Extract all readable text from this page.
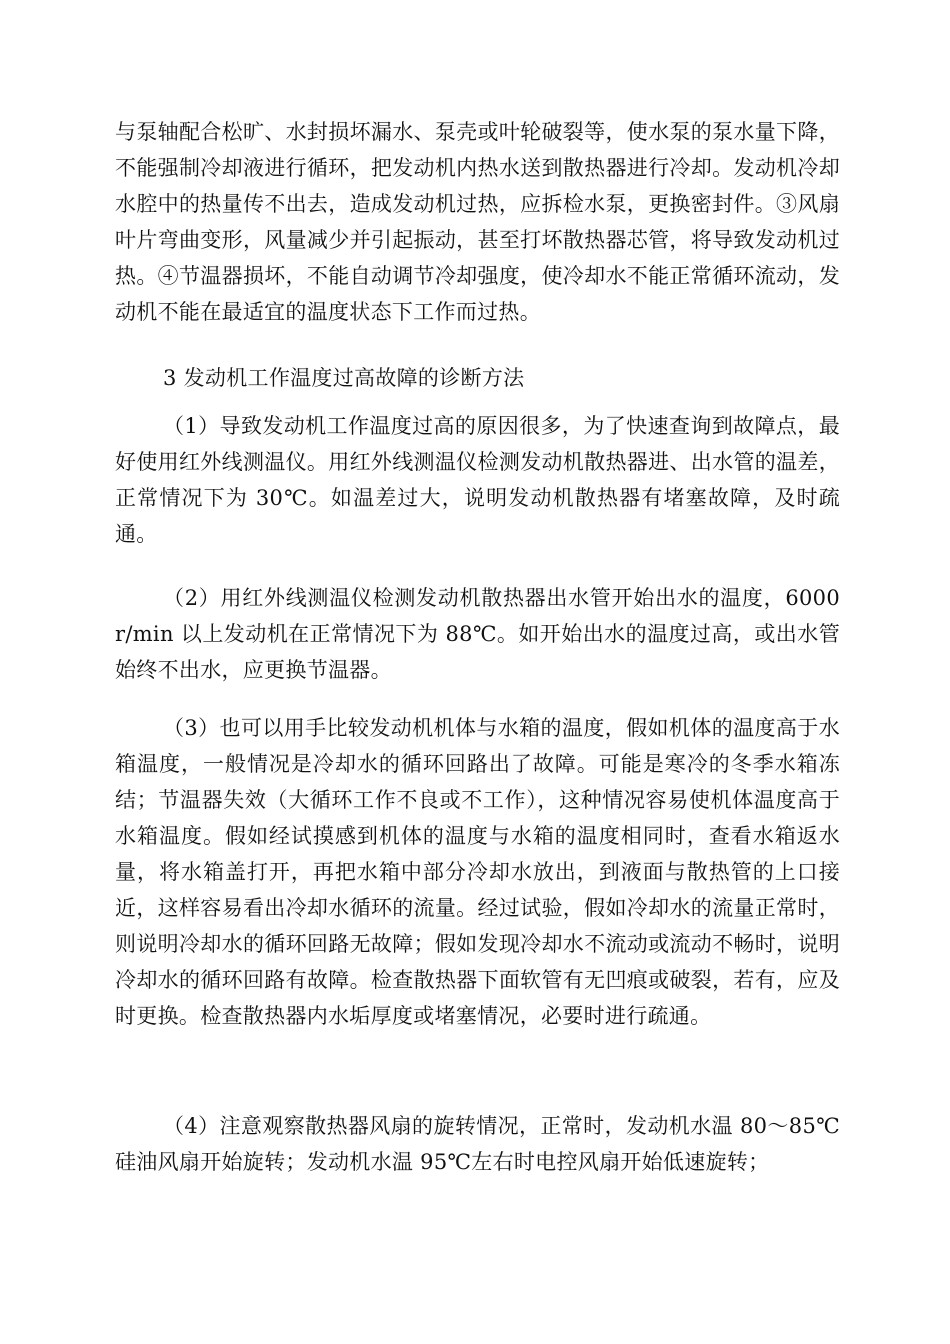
与泵轴配合松旷、水封损坏漏水、泵壳或叶轮破裂等，使水泵的泵水量下降，不能强制冷却液进行循环，把发动机内热水送到散热器进行冷却。发动机冷却水腔中的热量传不出去，造成发动机过热，应拆检水泵，更换密封件。③风扇叶片弯曲变形，风量减少并引起振动，甚至打坏散热器芯管，将导致发动机过热。④节温器损坏，不能自动调节冷却强度，使冷却水不能正常循环流动，发动机不能在最适宜的温度状态下工作而过热。

3 发动机工作温度过高故障的诊断方法

（1）导致发动机工作温度过高的原因很多，为了快速查询到故障点，最好使用红外线测温仪。用红外线测温仪检测发动机散热器进、出水管的温差，正常情况下为 30℃。如温差过大，说明发动机散热器有堵塞故障，及时疏通。

（2）用红外线测温仪检测发动机散热器出水管开始出水的温度，6000r/min 以上发动机在正常情况下为 88℃。如开始出水的温度过高，或出水管始终不出水，应更换节温器。

（3）也可以用手比较发动机机体与水箱的温度，假如机体的温度高于水箱温度，一般情况是冷却水的循环回路出了故障。可能是寒冷的冬季水箱冻结；节温器失效（大循环工作不良或不工作），这种情况容易使机体温度高于水箱温度。假如经试摸感到机体的温度与水箱的温度相同时，查看水箱返水量，将水箱盖打开，再把水箱中部分冷却水放出，到液面与散热管的上口接近，这样容易看出冷却水循环的流量。经过试验，假如冷却水的流量正常时，则说明冷却水的循环回路无故障；假如发现冷却水不流动或流动不畅时，说明冷却水的循环回路有故障。检查散热器下面软管有无凹痕或破裂，若有，应及时更换。检查散热器内水垢厚度或堵塞情况，必要时进行疏通。

（4）注意观察散热器风扇的旋转情况，正常时，发动机水温 80～85℃硅油风扇开始旋转；发动机水温 95℃左右时电控风扇开始低速旋转；
